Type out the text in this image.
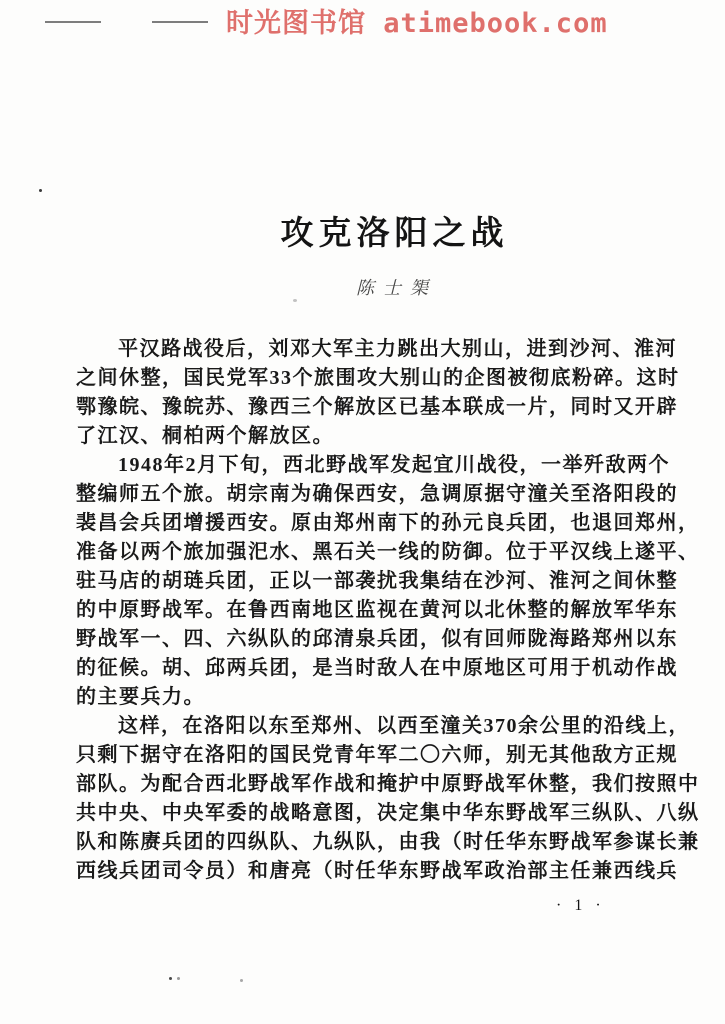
时光图书馆 atimebook.com
攻克洛阳之战
陈士榘
平汉路战役后，刘邓大军主力跳出大别山，进到沙河、淮河
之间休整，国民党军33个旅围攻大别山的企图被彻底粉碎。这时
鄂豫皖、豫皖苏、豫西三个解放区已基本联成一片，同时又开辟
了江汉、桐柏两个解放区。
1948年2月下旬，西北野战军发起宜川战役，一举歼敌两个
整编师五个旅。胡宗南为确保西安，急调原据守潼关至洛阳段的
裴昌会兵团增援西安。原由郑州南下的孙元良兵团，也退回郑州，
准备以两个旅加强汜水、黑石关一线的防御。位于平汉线上遂平、
驻马店的胡琏兵团，正以一部袭扰我集结在沙河、淮河之间休整
的中原野战军。在鲁西南地区监视在黄河以北休整的解放军华东
野战军一、四、六纵队的邱清泉兵团，似有回师陇海路郑州以东
的征候。胡、邱两兵团，是当时敌人在中原地区可用于机动作战
的主要兵力。
这样，在洛阳以东至郑州、以西至潼关370余公里的沿线上，
只剩下据守在洛阳的国民党青年军二〇六师，别无其他敌方正规
部队。为配合西北野战军作战和掩护中原野战军休整，我们按照中
共中央、中央军委的战略意图，决定集中华东野战军三纵队、八纵
队和陈赓兵团的四纵队、九纵队，由我（时任华东野战军参谋长兼
西线兵团司令员）和唐亮（时任华东野战军政治部主任兼西线兵
· 1 ·
